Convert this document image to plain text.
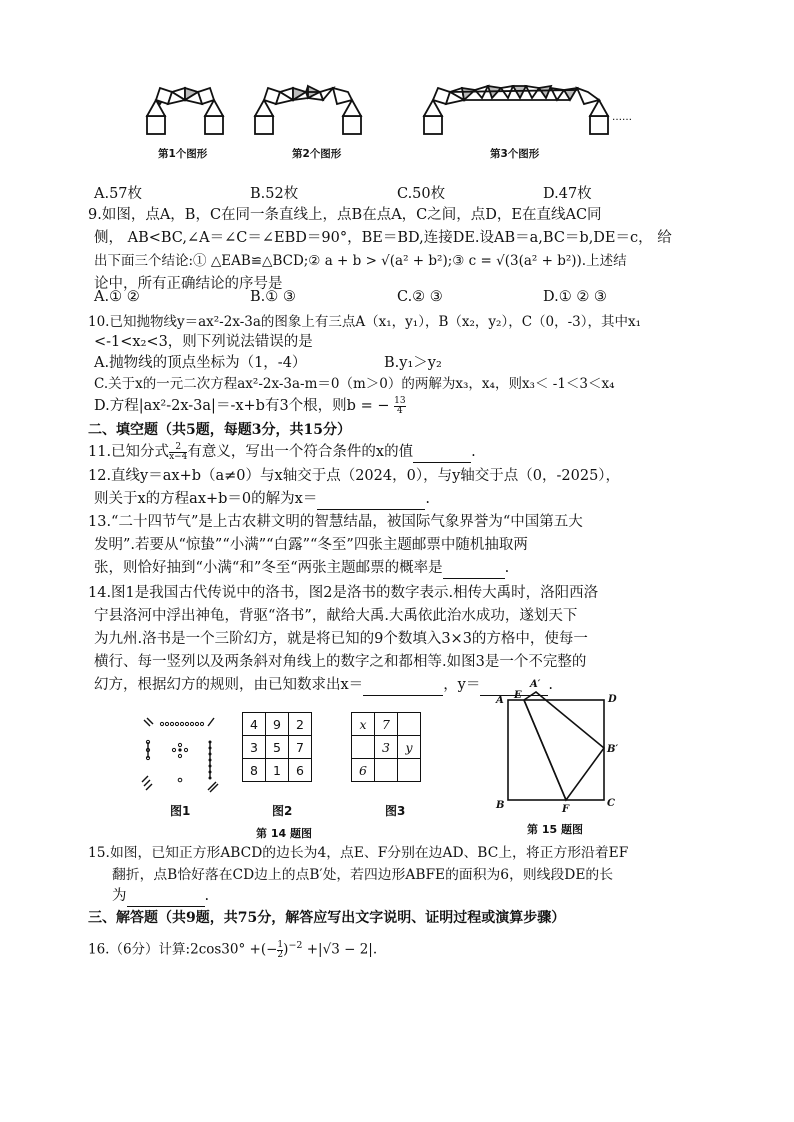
……
第1个图形	第2个图形	第3个图形
A.57枚	B.52枚	C.50枚	D.47枚
9.如图，点A，B，C在同一条直线上，点B在点A，C之间，点D，E在直线AC同
侧， AB<BC,∠A＝∠C＝∠EBD＝90°，BE＝BD,连接DE.设AB＝a,BC＝b,DE＝c， 给
出下面三个结论:① △EAB≌△BCD;② a + b > √(a² + b²);③ c = √(3(a² + b²)).上述结
论中，所有正确结论的序号是
A.① ②	B.① ③	C.② ③	D.① ② ③
10.已知抛物线y＝ax²-2x-3a的图象上有三点A（x₁，y₁），B（x₂，y₂），C（0，-3），其中x₁
<-1<x₂<3，则下列说法错误的是
A.抛物线的顶点坐标为（1，-4）	B.y₁＞y₂
C.关于x的一元二次方程ax²-2x-3a-m＝0（m＞0）的两解为x₃，x₄，则x₃＜ -1＜3＜x₄
D.方程|ax²-2x-3a|＝-x+b有3个根，则b = − $\frac{13}{4}$
二、填空题（共5题，每题3分，共15分）
11.已知分式 $\frac{2}{x-4}$ 有意义，写出一个符合条件的x的值	.
12.直线y＝ax+b（a≠0）与x轴交于点（2024，0），与y轴交于点（0，-2025），
则关于x的方程ax+b＝0的解为x＝	.
13.“二十四节气”是上古农耕文明的智慧结晶，被国际气象界誉为“中国第五大
发明”.若要从“惊蛰”“小满”“白露”“冬至”四张主题邮票中随机抽取两
张，则恰好抽到“小满“和”冬至“两张主题邮票的概率是	.
14.图1是我国古代传说中的洛书，图2是洛书的数字表示.相传大禹时，洛阳西洛
宁县洛河中浮出神龟，背驱“洛书”，献给大禹.大禹依此治水成功，遂划天下
为九州.洛书是一个三阶幻方，就是将已知的9个数填入3×3的方格中，使每一
横行、每一竖列以及两条斜对角线上的数字之和都相等.如图3是一个不完整的
幻方，根据幻方的规则，由已知数求出x＝	，y＝	.
图1
4	9	2
3	5	7
8	1	6
图2
x	7	
	3	y
6		
图3
第 14 题图
A E
A′
D
B′
B	F
C
第 15 题图
15.如图，已知正方形ABCD的边长为4，点E、F分别在边AD、BC上，将正方形沿着EF
翻折，点B恰好落在CD边上的点B′处，若四边形ABFE的面积为6，则线段DE的长
为	.
三、解答题（共9题，共75分，解答应写出文字说明、证明过程或演算步骤）
16.（6分）计算:2cos30° +(− $\frac{1}{2} )^{-2} +|√3 - 2|$.
